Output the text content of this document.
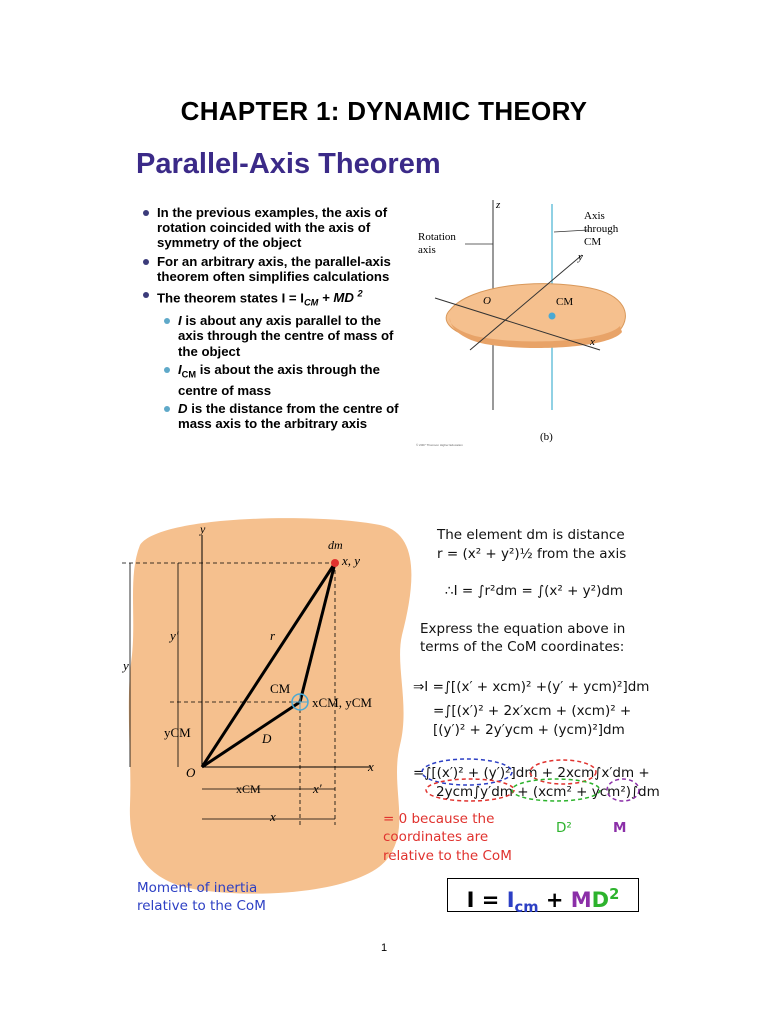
CHAPTER 1: DYNAMIC THEORY
Parallel-Axis Theorem
In the previous examples, the axis of rotation coincided with the axis of symmetry of the object
For an arbitrary axis, the parallel-axis theorem often simplifies calculations
The theorem states $I = I_{CM}$ + MD $^2$
I is about any axis parallel to the axis through the centre of mass of the object
$I_{CM}$ is about the axis through the centre of mass
D is the distance from the centre of mass axis to the arbitrary axis
z
Rotation
axis
Axis
through
CM
y
O	CM
x
(b)
© 2007 Thomson Higher Education
y
dm
x, y
y′
y
r
CM
xCM, yCM
yCM	D
O	x
xCM	x′
x
The element dm is distance
r = (x² + y²)½ from the axis
∴I = ∫r²dm = ∫(x² + y²)dm
Express the equation above in
terms of the CoM coordinates:
⇒I =∫[(x′ + xcm)² +(y′ + ycm)²]dm
=∫[(x′)² + 2x′xcm + (xcm)² +
[(y′)² + 2y′ycm + (ycm)²]dm
=∫[(x′)² + (y′)²]dm + 2xcm∫x′dm +
2ycm∫y′dm + (xcm² + ycm²)∫dm
= 0 because the
coordinates are
relative to the CoM
D²	M
Moment of inertia
relative to the CoM	$I = I_{cm} + MD^2$
1
